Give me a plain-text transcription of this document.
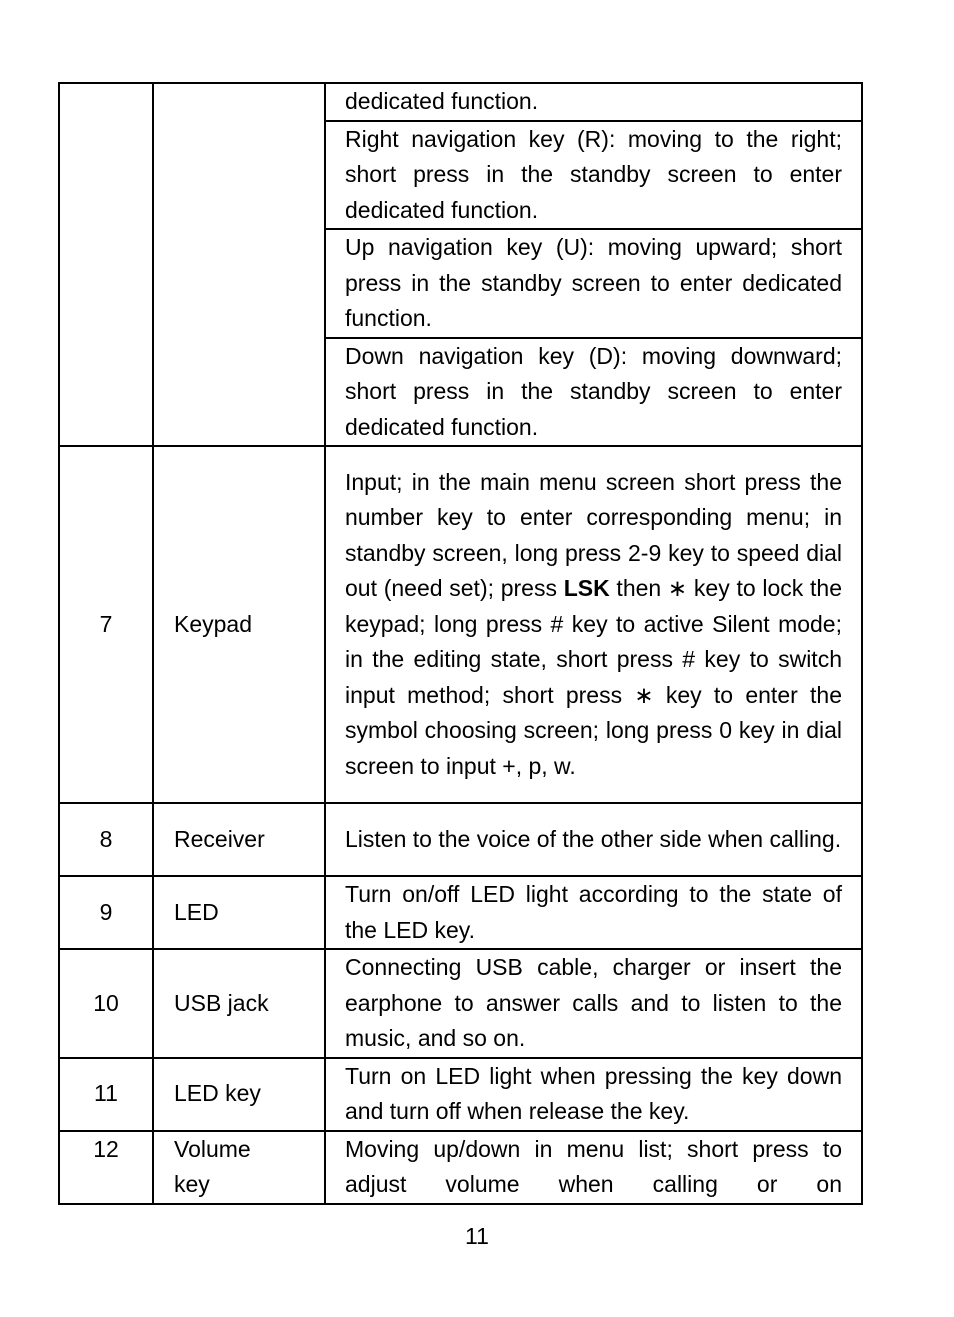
		dedicated function.
		Right navigation key (R): moving to the right; short press in the standby screen to enter dedicated function.
		Up navigation key (U): moving upward; short press in the standby screen to enter dedicated function.
		Down navigation key (D): moving downward; short press in the standby screen to enter dedicated function.
7	Keypad	Input; in the main menu screen short press the number key to enter corresponding menu; in standby screen, long press 2-9 key to speed dial out (need set); press LSK then ∗ key to lock the keypad; long press # key to active Silent mode; in the editing state, short press # key to switch input method; short press ∗ key to enter the symbol choosing screen; long press 0 key in dial screen to input +, p, w.
8	Receiver	Listen to the voice of the other side when calling.
9	LED	Turn on/off LED light according to the state of the LED key.
10	USB jack	Connecting USB cable, charger or insert the earphone to answer calls and to listen to the music, and so on.
11	LED key	Turn on LED light when pressing the key down and turn off when release the key.
12	Volume key	Moving up/down in menu list; short press to adjust volume when calling or on
11
